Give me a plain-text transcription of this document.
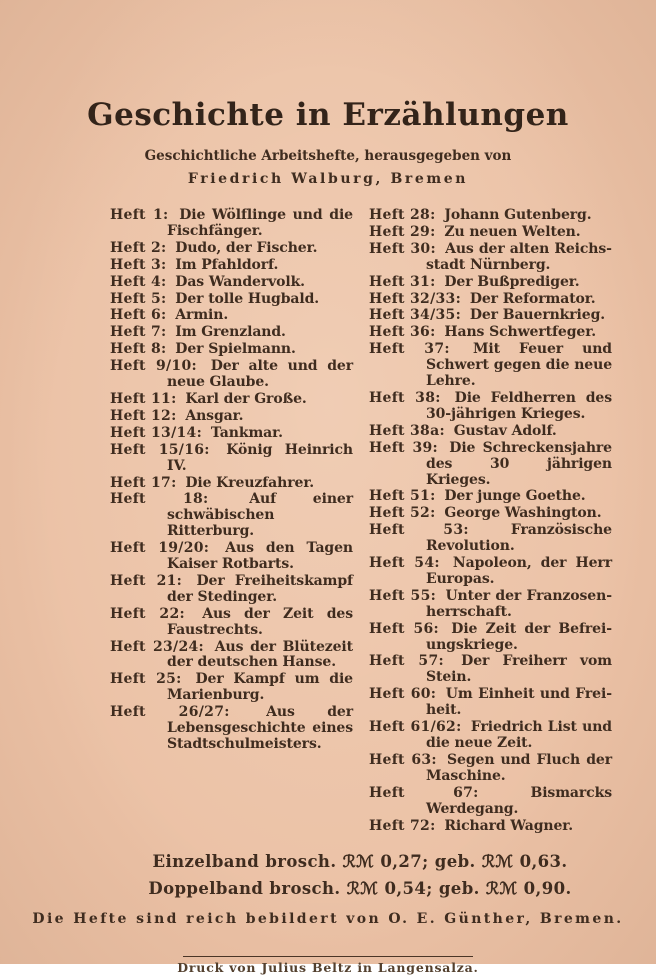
Geschichte in Erzählungen
Geschichtliche Arbeitshefte, herausgegeben von
Friedrich Walburg, Bremen

Heft 1: Die Wölflinge und die Fischfänger.

Heft 2: Dudo, der Fischer.

Heft 3: Im Pfahldorf.

Heft 4: Das Wandervolk.

Heft 5: Der tolle Hugbald.

Heft 6: Armin.

Heft 7: Im Grenzland.

Heft 8: Der Spielmann.

Heft 9/10: Der alte und der neue Glaube.

Heft 11: Karl der Große.

Heft 12: Ansgar.

Heft 13/14: Tankmar.

Heft 15/16: König Heinrich IV.

Heft 17: Die Kreuzfahrer.

Heft 18:	Auf einer schwäbischen Ritterburg.

Heft 19/20: Aus den Tagen Kaiser Rotbarts.

Heft 21: Der Freiheitskampf der Stedinger.

Heft 22: Aus der Zeit des Faustrechts.

Heft 23/24: Aus der Blütezeit der deutschen Hanse.

Heft 25: Der Kampf um die Marienburg.

Heft 26/27:	Aus der Lebensgeschichte eines Stadtschulmeisters.

Heft 28: Johann Gutenberg.

Heft 29: Zu neuen Welten.

Heft 30: Aus der alten Reichsstadt Nürnberg.

Heft 31: Der Bußprediger.

Heft 32/33: Der Reformator.

Heft 34/35: Der Bauernkrieg.

Heft 36: Hans Schwertfeger.

Heft 37: Mit Feuer und Schwert gegen die neue Lehre.

Heft 38: Die Feldherren des 30-jährigen Krieges.

Heft 38a: Gustav Adolf.

Heft 39: Die Schreckensjahre des 30 jährigen Krieges.

Heft 51: Der junge Goethe.

Heft 52: George Washington.

Heft 53:	Französische Revolution.

Heft 54: Napoleon, der Herr Europas.

Heft 55: Unter der Franzosenherrschaft.

Heft 56: Die Zeit der Befreiungskriege.

Heft 57: Der Freiherr vom Stein.

Heft 60: Um Einheit und Freiheit.

Heft 61/62: Friedrich List und die neue Zeit.

Heft 63: Segen und Fluch der Maschine.

Heft 67:	Bismarcks Werdegang.

Heft 72: Richard Wagner.

Einzelband brosch. ℛℳ 0,27; geb. ℛℳ 0,63.
Doppelband brosch. ℛℳ 0,54; geb. ℛℳ 0,90.
Die Hefte sind reich bebildert von O. E. Günther, Bremen.
Druck von Julius Beltz in Langensalza.
